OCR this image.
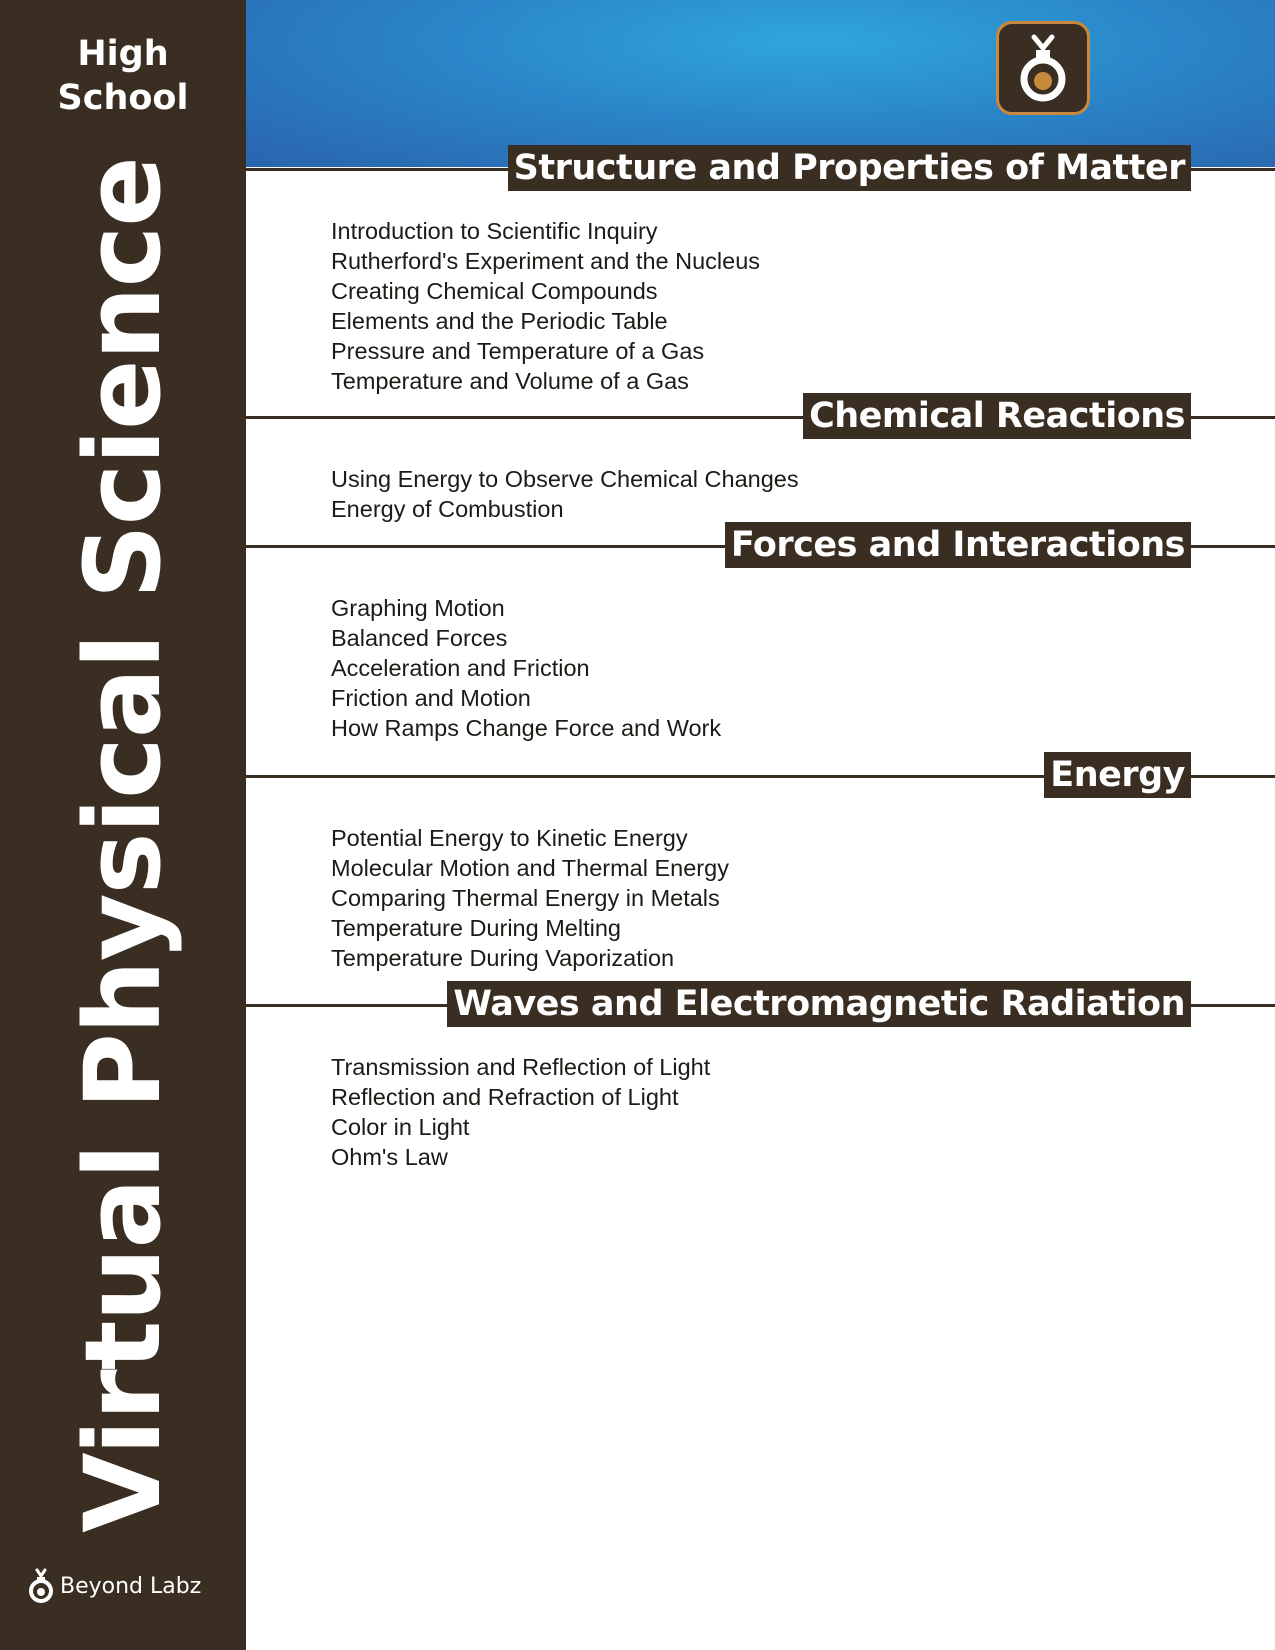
High
School
Virtual Physical Science
Beyond Labz
Structure and Properties of Matter
Introduction to Scientific Inquiry
Rutherford's Experiment and the Nucleus
Creating Chemical Compounds
Elements and the Periodic Table
Pressure and Temperature of a Gas
Temperature and Volume of a Gas
Chemical Reactions
Using Energy to Observe Chemical Changes
Energy of Combustion
Forces and Interactions
Graphing Motion
Balanced Forces
Acceleration and Friction
Friction and Motion
How Ramps Change Force and Work
Energy
Potential Energy to Kinetic Energy
Molecular Motion and Thermal Energy
Comparing Thermal Energy in Metals
Temperature During Melting
Temperature During Vaporization
Waves and Electromagnetic Radiation
Transmission and Reflection of Light
Reflection and Refraction of Light
Color in Light
Ohm's Law
